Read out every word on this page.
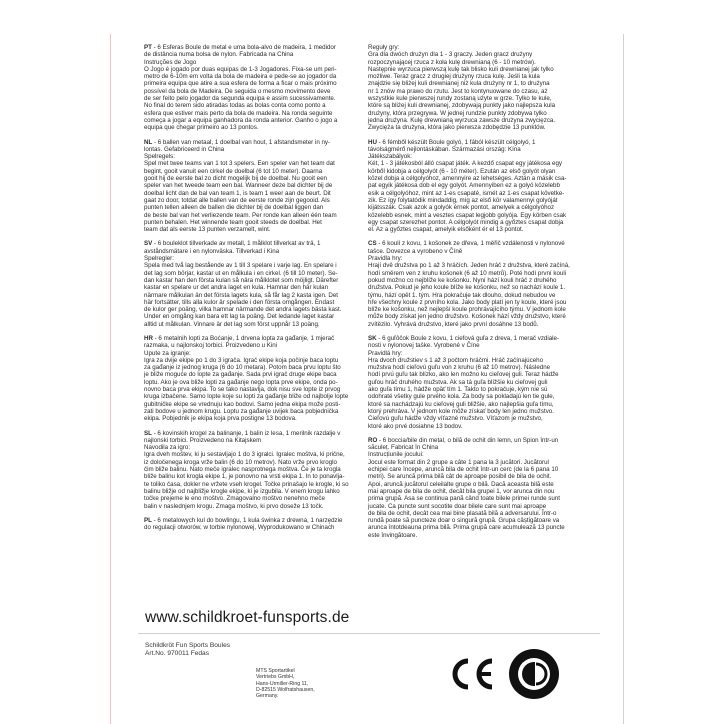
PT - 6 Esferas Boule de metal e uma bola-alvo de madeira, 1 medidor

de distância numa bolsa de nylon. Fabricada na China

Instruções de Jogo

O Jogo é jogado por duas equipas de 1-3 Jogadores. Fixa-se um peri-

metro de 6-10m em volta da bola de madeira e pede-se ao jogador da

primeira equipa que atire a sua esfera de forma a ficar o mais próximo

possível da bola de Madeira. De seguida o mesmo movimento deve

de ser feito pelo jogador da segunda equipa e assim sucessivamente.

No final do terem sido atiradas todas as bolas conta como ponto a

esfera que estiver mais perto da bola de madeira. Na ronda seguinte

começa a jogar a equipa ganhadora da ronda anterior. Ganho o jogo a

equipa que chegar primeiro ao 13 pontos.

NL - 6 ballen van metaal, 1 doelbal van hout, 1 afstandsmeter in ny-

lontas. Gefabriceerd in China

Spelregels:

Spel met twee teams van 1 tot 3 spelers. Een speler van het team dat

begint, gooit vanuit een cirkel de doelbal (6 tot 10 meter). Daarna

gooit hij de eerste bal zo dicht mogelijk bij de doelbal. Nu gooit een

speler van het tweede team een bal. Wanneer deze bal dichter bij de

doelbal licht dan de bal van team 1, is team 1 weer aan de beurt. Dit

gaat zo door, totdat alle ballen van de eerste ronde zijn gegooid. Als

punten tellen alleen de ballen die dichter bij de doelbal liggen dan

de beste bal van het verliezende team. Per ronde kan alleen één team

punten behalen. Het winnende team gooit steeds de doelbal. Het

team dat als eerste 13 punten verzamelt, wint.

SV - 6 bouleklot tillverkade av metall, 1 målklot tillverkat av trä, 1

avståndsmätare i en nylonväska. Tillverkad i Kina

Spelregler:

Spela med två lag bestående av 1 till 3 spelare i varje lag. En spelare i

det lag som börjar, kastar ut en målkula i en cirkel. (6 till 10 meter). Se-

dan kastar han den första kulan så nära målklotet som möjligt. Därefter

kastar en spelare ur det andra laget en kula. Hamnar den här kulan

närmare målkulan än det första lagets kula, så får lag 2 kasta igen. Det

här fortsätter, tills alla kulor är spelade i den första omgången. Endast

de kulor ger poäng, vilka hamnar närmande det andra lagets bästa kast.

Under en omgång kan bara ett lag ta poäng. Det ledande laget kastar

alltid ut målkulan. Vinnare är det lag som först uppnår 13 poäng.

HR - 6 metalnih lopti za Boćanje, 1 drvena lopta za gađanje, 1 mjerač

razmaka, u najlonskoj torbici. Proizvedeno u Kini

Upute za igranje:

Igra za dvije ekipe po 1 do 3 igrača. Igrač ekipe koja počinje baca loptu

za gađanje iz jednog kruga (6 do 10 metara). Potom baca prvu loptu što

je bliže moguće do lopte za gađanje. Sada prvi igrač druge ekipe baca

loptu. Ako je ova bliže lopti za gađanje nego lopta prve ekipe, onda po-

novno baca prva ekipa. To se tako nastavlja, dok nisu sve lopte iz prvog

kruga izbačene. Samo lopte koje su lopti za gađanje bliže od najbolje lopte

gubitničke ekipe se vrednuju kao bodovi. Samo jedna ekipa može posti-

zati bodove u jednom krugu. Loptu za gađanje uvijek baca pobjednička

ekipa. Pobjednik je ekipa koja prva postigne 13 bodova.

SL - 6 kovinskih krogel za balinanje, 1 balin iz lesa, 1 merilnik razdalje v

najlonski torbici. Proizvedeno na Kitajskem

Navodila za igro:

Igra dveh moštev, ki ju sestavljajo 1 do 3 igralci. Igralec moštva, ki prične,

iz določenega kroga vrže balin (6 do 10 metrov). Nato vrže prvo kroglo

čim bliže balinu. Nato meče igralec nasprotnega moštva. Če je ta krogla

bliže balinu kot krogla ekipe 1, je ponovno na vrsti ekipa 1. In to ponavlja-

te toliko časa, dokler ne vržete vseh krogel. Točke prinašajo le krogle, ki so

balinu bližje od najbližje krogle ekipe, ki je izgubila. V enem krogu lahko

točke prejeme le eno moštvo. Zmagovalno moštvo nenehno meče

balin v naslednjem krogu. Zmaga moštvo, ki prvo doseže 13 točk.

PL - 6 metalowych kul do bowlingu, 1 kula świnka z drewna, 1 narzędzie

do regulacji otworów, w torbie nylonowej, Wyprodukowano w Chinach

Reguły gry:

Gra dla dwóch drużyn dla 1 - 3 graczy. Jeden gracz drużyny

rozpoczynającej rzuca z koła kulę drewnianą (6 - 10 metrów).

Następnie wyrzuca pierwszą kulę tak blisko kuli drewnianej jak tylko

możliwe. Teraz gracz z drugiej drużyny rzuca kulę. Jeśli ta kula

znajdzie się bliżej kuli drewnianej niż kula drużyny nr 1, to drużyna

nr 1 znów ma prawo do rzutu. Jest to kontynuowane do czasu, aż

wszystkie kule pierwszej rundy zostaną użyte w grze. Tylko te kule,

które są bliżej kuli drewnianej, zdobywają punkty jako najlepsza kula

drużyny, która przegrywa. W jednej rundzie punkty zdobywa tylko

jedna drużyna. Kulę drewnianą wyrzuca zawsze drużyna zwycięzca.

Zwycięża ta drużyna, która jako pierwsza zdobędzie 13 punktów.

HU - 6 fémből készült Boule golyó, 1 fából készült célgolyó, 1

távolságmérő nejlontáskában. Származási ország: Kína

Játékszabályok:

Két, 1 - 3 játékosból álló csapat játék. A kezdő csapat egy játékosa egy

körből kidobja a célgolyót (6 - 10 méter). Ezután az első golyót olyan

közel dobja a célgolyóhoz, amennyire az lehetséges. Aztán a másik csa-

pat egyik játékosa dob el egy golyót. Amennyiben ez a golyó közelebb

esik a célgolyóhoz, mint az 1-es csapaté, ismét az 1-es csapat követke-

zik. Ez így folytatódik mindaddig, míg az első kör valamennyi golyóját

kijátsszák. Csak azok a golyók érnek pontot, amelyek a célgolyóhoz

közelebb esnek, mint a vesztes csapat legjobb golyója. Egy körben csak

egy csapat szerezhet pontot. A célgolyót mindig a győztes csapat dobja

el. Az a győztes csapat, amelyik elsőként ér el 13 pontot.

CS - 6 koulí z kovu, 1 košonek ze dřeva, 1 měřič vzdálenosti v nylonové

tašce. Dovezce a vyrobeno v Číně

Pravidla hry:

Hrají dvě družstva po 1 až 3 hráčích. Jeden hráč z družstva, které začíná,

hodí směrem ven z kruhu košonek (6 až 10 metrů). Poté hodí první kouli

pokud možno co nejblíže ke košonku. Nyní hází kouli hráč z druhého

družstva. Pokud je jeho koule blíže ke košonku, než so nachází koule 1.

týmu, hází opět 1. tým. Hra pokračuje tak dlouho, dokud nebudou ve

hře všechny koule z prvního kola. Jako body platí jen ty koule, které jsou

blíže ke košonku, než nejlepší koule prohrávajícího týmu. V jednom kole

může body získat jen jedno družstvo. Košonek hází vždy družstvo, které

zvítězilo. Vyhrává družstvo, které jako první dosáhne 13 bodů.

SK - 6 guľôčok Boule z kovu, 1 ciefová guľa z dreva, 1 merač vzdiale-

nosti v nylonovej taške. Vyrobené v Číne

Pravidlá hry:

Hra dvoch družstiev s 1 až 3 počtom hráčmi. Hráč začínajúceho

mužstva hodí cieľovú guľu von z kruhu (6 až 10 metrov). Následne

hodí prvú guľu tak blízko, ako len možno ku cieľovej guli. Teraz hádže

guľou hráč druhého mužstva. Ak sa tá guľa blížšie ku cieľovej guli

ako guľa tímu 1, hádže opäť tím 1. Takto to pokračuje, kým nie sú

odohraté všetky gule prvého kola. Za body sa pokladajú len tie gule,

ktoré sa nachádzajú ku cieľovej guli bližšie, ako najlepšia guľa tímu,

ktorý prehráva. V jednom kole môže získať body len jedno mužstvo.

Cieľovú guľu hádže vždy víťazné mužstvo. Víťazom je mužstvo,

ktoré ako prvé dosiahne 13 bodov.

RO - 6 boccia/bile din metal, o bilă de ochit din lemn, un Spion într-un

săculeț. Fabricat în China

Instrucțiunile jocului:

Jocul este format din 2 grupe a câte 1 pana la 3 jucători. Jucătorul

echipei care începe, aruncă bila de ochit într-un cerc (de la 6 pana 10

metri). Se aruncă prima bilă cât de aproape posibil de bila de ochit.

Apoi, aruncă jucătorul celeilalte grupe o bilă. Dacă aceasta bilă este

mai aproape de bila de ochit, decât bila grupei 1, vor arunca din nou

prima grupă. Asa se continua pană când toate bilele primei runde sunt

jucate. Ca puncte sunt socotite doar bilele care sunt mai aproape

de bila de ochit, decât cea mai bine plasată bilă a adversarului. Într-o

rundă poate să puncteze doar o singură grupă. Grupa câștigătoare va

arunca întotdeauna prima bilă. Prima grupă care acumulează 13 puncte

este învingătoare.

www.schildkroet-funsports.de

Schildkröt Fun Sports Boules

Art.No. 970011 Fedas

MTS Sportartikel

Vertriebs GmbH,

Hans-Urmiller-Ring 11,

D-82515 Wolfratshausen,

Germany.
